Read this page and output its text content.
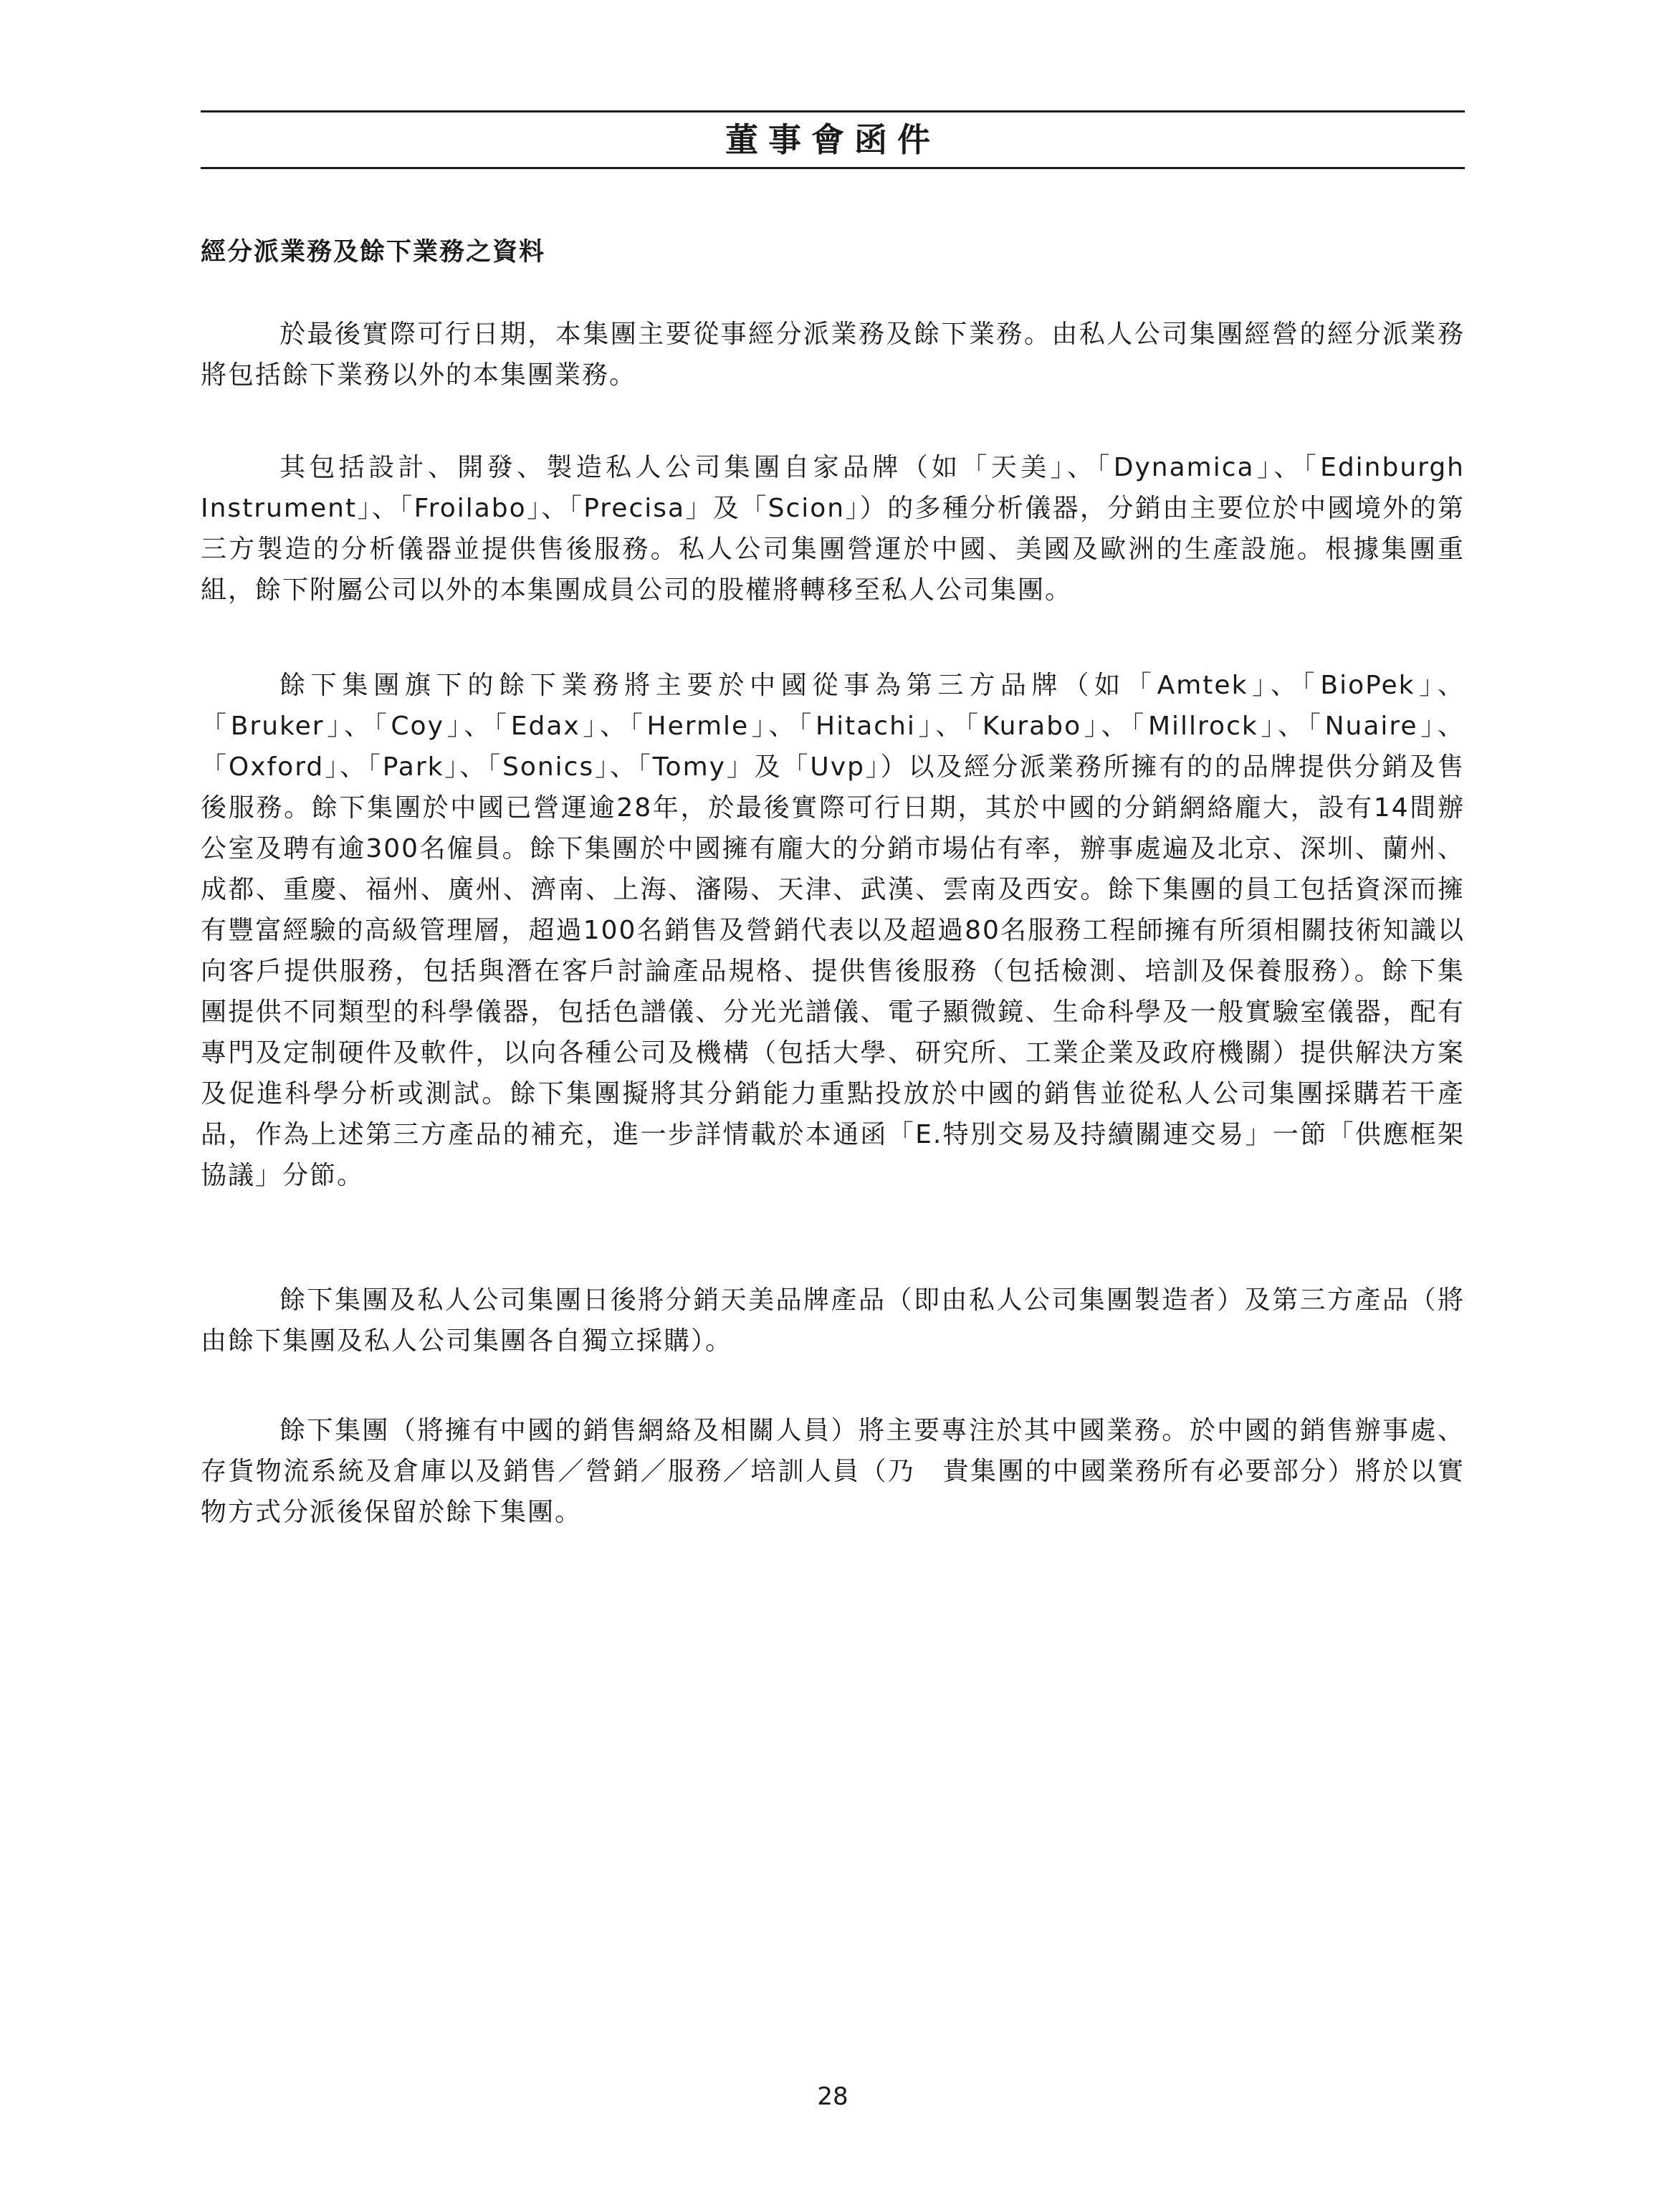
董事會函件
經分派業務及餘下業務之資料

於最後實際可行日期，本集團主要從事經分派業務及餘下業務。由私人公司集團經營的經分派業務將包括餘下業務以外的本集團業務。

其包括設計、開發、製造私人公司集團自家品牌（如「天美」、「Dynamica」、「Edinburgh Instrument」、「Froilabo」、「Precisa」及「Scion」）的多種分析儀器，分銷由主要位於中國境外的第三方製造的分析儀器並提供售後服務。私人公司集團營運於中國、美國及歐洲的生產設施。根據集團重組，餘下附屬公司以外的本集團成員公司的股權將轉移至私人公司集團。

餘下集團旗下的餘下業務將主要於中國從事為第三方品牌（如「Amtek」、「BioPek」、「Bruker」、「Coy」、「Edax」、「Hermle」、「Hitachi」、「Kurabo」、「Millrock」、「Nuaire」、「Oxford」、「Park」、「Sonics」、「Tomy」及「Uvp」）以及經分派業務所擁有的的品牌提供分銷及售後服務。餘下集團於中國已營運逾28年，於最後實際可行日期，其於中國的分銷網絡龐大，設有14間辦公室及聘有逾300名僱員。餘下集團於中國擁有龐大的分銷市場佔有率，辦事處遍及北京、深圳、蘭州、成都、重慶、福州、廣州、濟南、上海、瀋陽、天津、武漢、雲南及西安。餘下集團的員工包括資深而擁有豐富經驗的高級管理層，超過100名銷售及營銷代表以及超過80名服務工程師擁有所須相關技術知識以向客戶提供服務，包括與潛在客戶討論產品規格、提供售後服務（包括檢測、培訓及保養服務）。餘下集團提供不同類型的科學儀器，包括色譜儀、分光光譜儀、電子顯微鏡、生命科學及一般實驗室儀器，配有專門及定制硬件及軟件，以向各種公司及機構（包括大學、研究所、工業企業及政府機關）提供解決方案及促進科學分析或測試。餘下集團擬將其分銷能力重點投放於中國的銷售並從私人公司集團採購若干產品，作為上述第三方產品的補充，進一步詳情載於本通函「E.特別交易及持續關連交易」一節「供應框架協議」分節。

餘下集團及私人公司集團日後將分銷天美品牌產品（即由私人公司集團製造者）及第三方產品（將由餘下集團及私人公司集團各自獨立採購）。

餘下集團（將擁有中國的銷售網絡及相關人員）將主要專注於其中國業務。於中國的銷售辦事處、存貨物流系統及倉庫以及銷售／營銷／服務／培訓人員（乃　貴集團的中國業務所有必要部分）將於以實物方式分派後保留於餘下集團。

28
